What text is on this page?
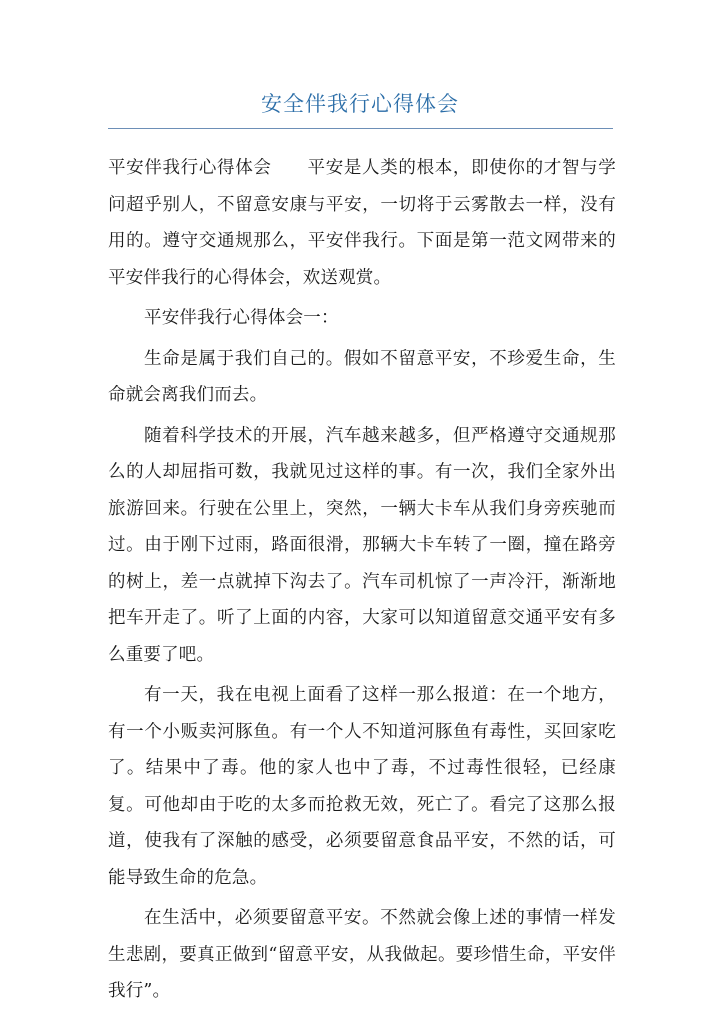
安全伴我行心得体会

平安伴我行心得体会 平安是人类的根本，即使你的才智与学问超乎别人，不留意安康与平安，一切将于云雾散去一样，没有用的。遵守交通规那么，平安伴我行。下面是第一范文网带来的平安伴我行的心得体会，欢送观赏。

平安伴我行心得体会一：

生命是属于我们自己的。假如不留意平安，不珍爱生命，生命就会离我们而去。

随着科学技术的开展，汽车越来越多，但严格遵守交通规那么的人却屈指可数，我就见过这样的事。有一次，我们全家外出旅游回来。行驶在公里上，突然，一辆大卡车从我们身旁疾驰而过。由于刚下过雨，路面很滑，那辆大卡车转了一圈，撞在路旁的树上，差一点就掉下沟去了。汽车司机惊了一声冷汗，渐渐地把车开走了。听了上面的内容，大家可以知道留意交通平安有多么重要了吧。

有一天，我在电视上面看了这样一那么报道：在一个地方，有一个小贩卖河豚鱼。有一个人不知道河豚鱼有毒性，买回家吃了。结果中了毒。他的家人也中了毒，不过毒性很轻，已经康复。可他却由于吃的太多而抢救无效，死亡了。看完了这那么报道，使我有了深触的感受，必须要留意食品平安，不然的话，可能导致生命的危急。

在生活中，必须要留意平安。不然就会像上述的事情一样发生悲剧，要真正做到“留意平安，从我做起。要珍惜生命，平安伴我行”。
